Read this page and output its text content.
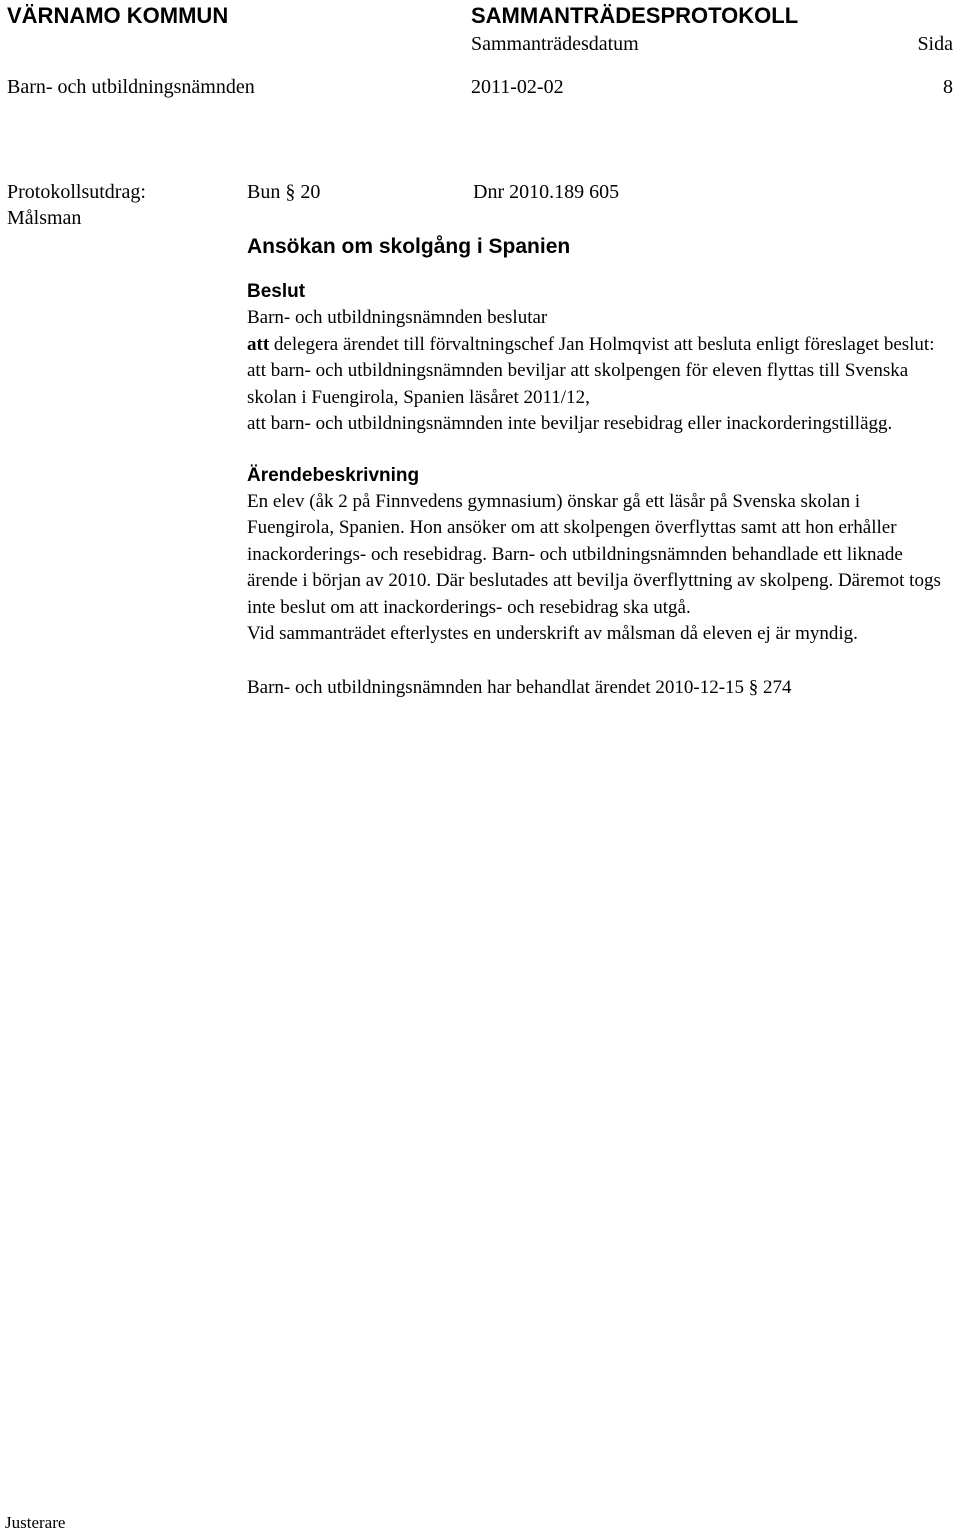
VÄRNAMO KOMMUN	SAMMANTRÄDESPROTOKOLL
Sammanträdesdatum	Sida
Barn- och utbildningsnämnden	2011-02-02	8
Protokollsutdrag:
Målsman
Bun § 20	Dnr 2010.189 605
Ansökan om skolgång i Spanien
Beslut

Barn- och utbildningsnämnden beslutar

att delegera ärendet till förvaltningschef Jan Holmqvist att besluta enligt föreslaget beslut:

att barn- och utbildningsnämnden beviljar att skolpengen för eleven flyttas till Svenska skolan i Fuengirola, Spanien läsåret 2011/12,

att barn- och utbildningsnämnden inte beviljar resebidrag eller inackorderingstillägg.

Ärendebeskrivning

En elev (åk 2 på Finnvedens gymnasium) önskar gå ett läsår på Svenska skolan i Fuengirola, Spanien. Hon ansöker om att skolpengen överflyttas samt att hon erhåller inackorderings- och resebidrag. Barn- och utbildningsnämnden behandlade ett liknade ärende i början av 2010. Där beslutades att bevilja överflyttning av skolpeng. Däremot togs inte beslut om att inackorderings- och resebidrag ska utgå.

Vid sammanträdet efterlystes en underskrift av målsman då eleven ej är myndig.

Barn- och utbildningsnämnden har behandlat ärendet 2010-12-15 § 274

Justerare
